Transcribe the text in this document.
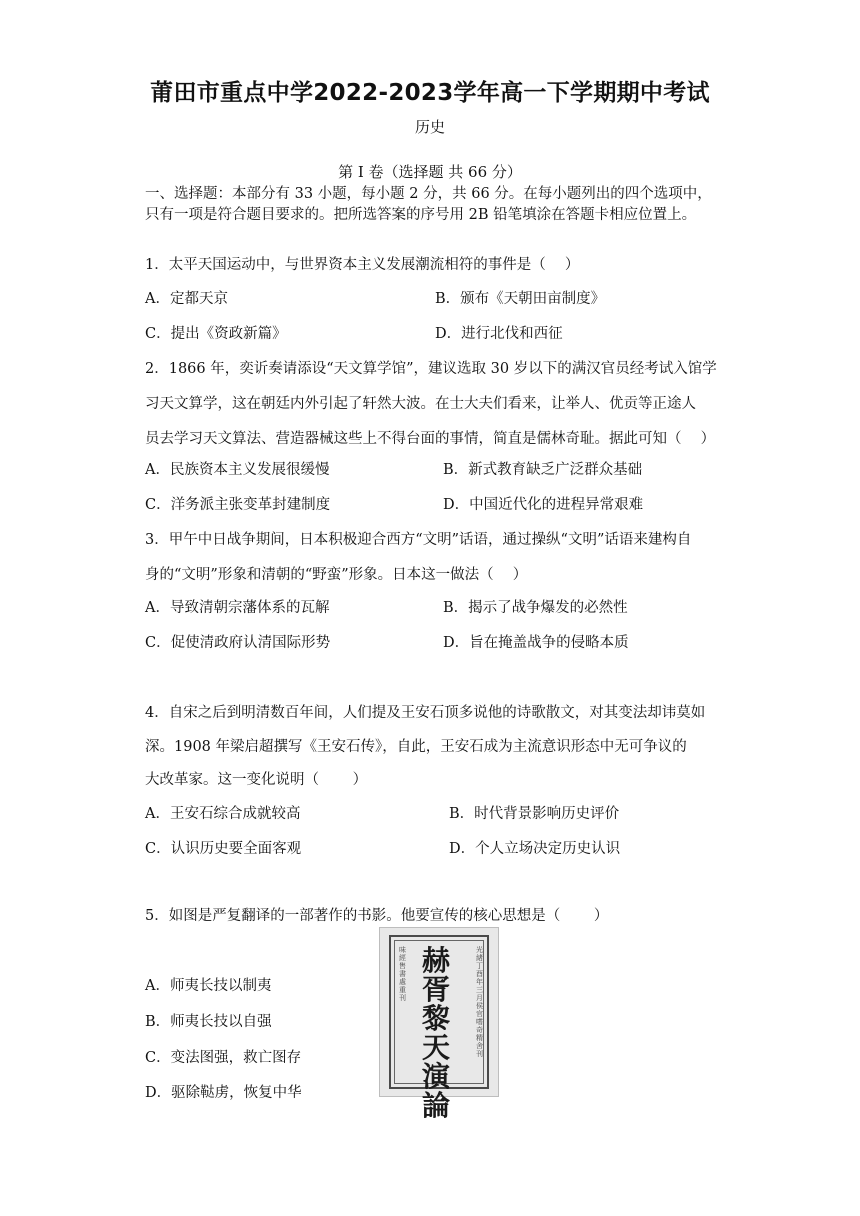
莆田市重点中学2022-2023学年高一下学期期中考试
历史
第 I 卷（选择题 共 66 分）
一、选择题：本部分有 33 小题，每小题 2 分，共 66 分。在每小题列出的四个选项中，
只有一项是符合题目要求的。把所选答案的序号用 2B 铅笔填涂在答题卡相应位置上。
1．太平天国运动中，与世界资本主义发展潮流相符的事件是（　 ）
A．定都天京	B．颁布《天朝田亩制度》
C．提出《资政新篇》	D．进行北伐和西征
2．1866 年，奕䜣奏请添设“天文算学馆”，建议选取 30 岁以下的满汉官员经考试入馆学
习天文算学，这在朝廷内外引起了轩然大波。在士大夫们看来，让举人、优贡等正途人
员去学习天文算法、营造器械这些上不得台面的事情，简直是儒林奇耻。据此可知（　 ）
A．民族资本主义发展很缓慢	B．新式教育缺乏广泛群众基础
C．洋务派主张变革封建制度	D．中国近代化的进程异常艰难
3．甲午中日战争期间，日本积极迎合西方“文明”话语，通过操纵“文明”话语来建构自
身的“文明”形象和清朝的“野蛮”形象。日本这一做法（　 ）
A．导致清朝宗藩体系的瓦解	B．揭示了战争爆发的必然性
C．促使清政府认清国际形势	D．旨在掩盖战争的侵略本质
4．自宋之后到明清数百年间，人们提及王安石顶多说他的诗歌散文，对其变法却讳莫如
深。1908 年梁启超撰写《王安石传》，自此，王安石成为主流意识形态中无可争议的
大改革家。这一变化说明（　　 ）
A．王安石综合成就较高	B．时代背景影响历史评价
C．认识历史要全面客观	D．个人立场决定历史认识
5．如图是严复翻译的一部著作的书影。他要宣传的核心思想是（　　 ）
A．师夷长技以制夷
B．师夷长技以自强
C．变法图强，救亡图存
D．驱除鞑虏，恢复中华
光緒丁酉年三月侯官嗜奇精舍刊
味經售書處重刊
赫胥黎天演論
